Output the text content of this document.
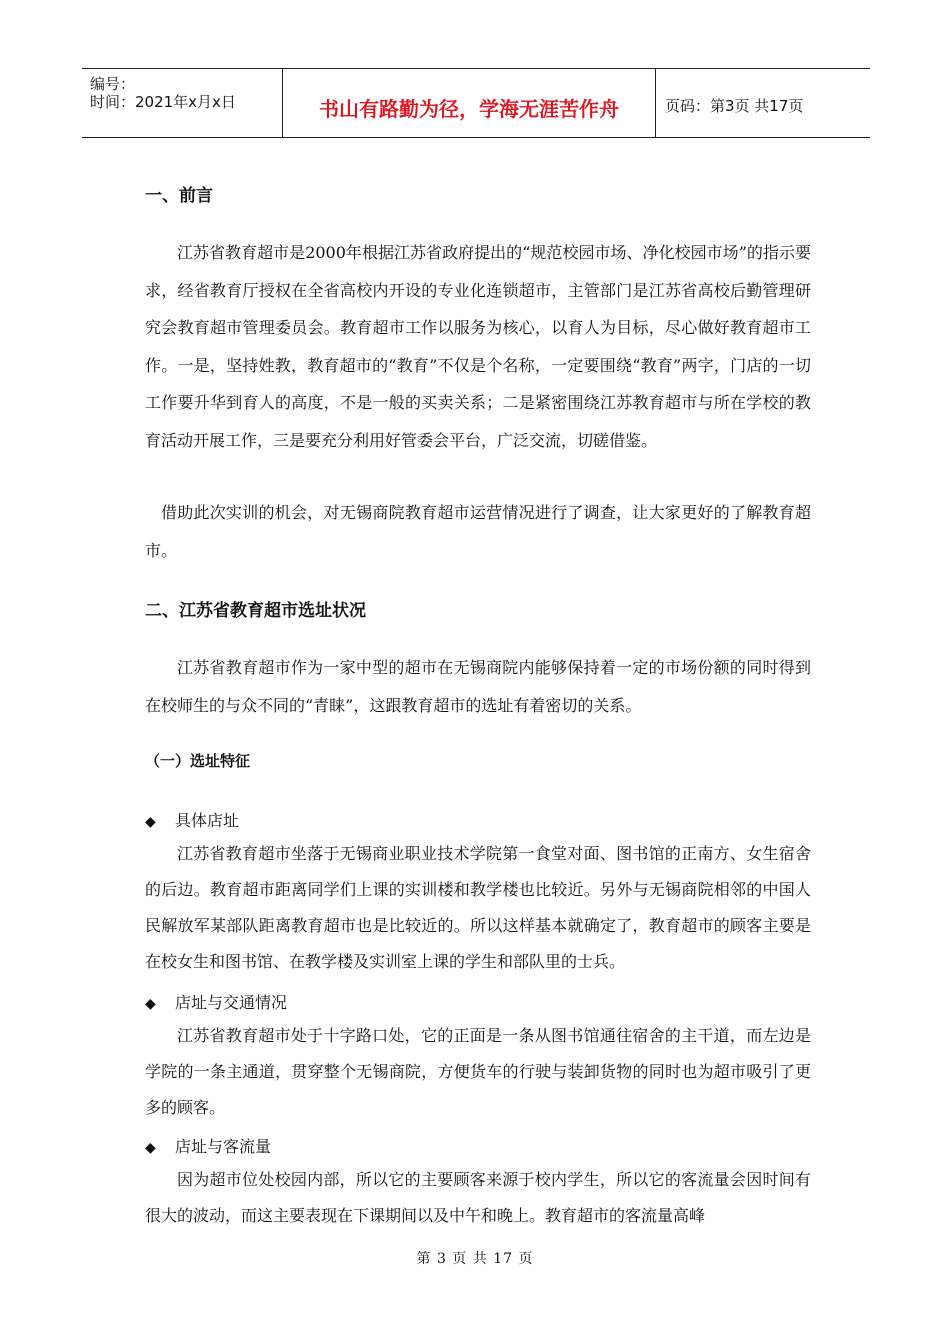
编号：
时间：2021年x月x日	书山有路勤为径，学海无涯苦作舟	页码：第3页 共17页
一、前言

江苏省教育超市是2000年根据江苏省政府提出的“规范校园市场、净化校园市场”的指示要求，经省教育厅授权在全省高校内开设的专业化连锁超市，主管部门是江苏省高校后勤管理研究会教育超市管理委员会。教育超市工作以服务为核心，以育人为目标，尽心做好教育超市工作。一是，坚持姓教，教育超市的“教育”不仅是个名称，一定要围绕“教育”两字，门店的一切工作要升华到育人的高度，不是一般的买卖关系；二是紧密围绕江苏教育超市与所在学校的教育活动开展工作，三是要充分利用好管委会平台，广泛交流，切磋借鉴。

借助此次实训的机会，对无锡商院教育超市运营情况进行了调查，让大家更好的了解教育超市。

二、江苏省教育超市选址状况

江苏省教育超市作为一家中型的超市在无锡商院内能够保持着一定的市场份额的同时得到在校师生的与众不同的“青睐”，这跟教育超市的选址有着密切的关系。

（一）选址特征
◆ 具体店址

江苏省教育超市坐落于无锡商业职业技术学院第一食堂对面、图书馆的正南方、女生宿舍的后边。教育超市距离同学们上课的实训楼和教学楼也比较近。另外与无锡商院相邻的中国人民解放军某部队距离教育超市也是比较近的。所以这样基本就确定了，教育超市的顾客主要是在校女生和图书馆、在教学楼及实训室上课的学生和部队里的士兵。

◆ 店址与交通情况

江苏省教育超市处于十字路口处，它的正面是一条从图书馆通往宿舍的主干道，而左边是学院的一条主通道，贯穿整个无锡商院，方便货车的行驶与装卸货物的同时也为超市吸引了更多的顾客。

◆ 店址与客流量

因为超市位处校园内部，所以它的主要顾客来源于校内学生，所以它的客流量会因时间有很大的波动，而这主要表现在下课期间以及中午和晚上。教育超市的客流量高峰

第 3 页 共 17 页
